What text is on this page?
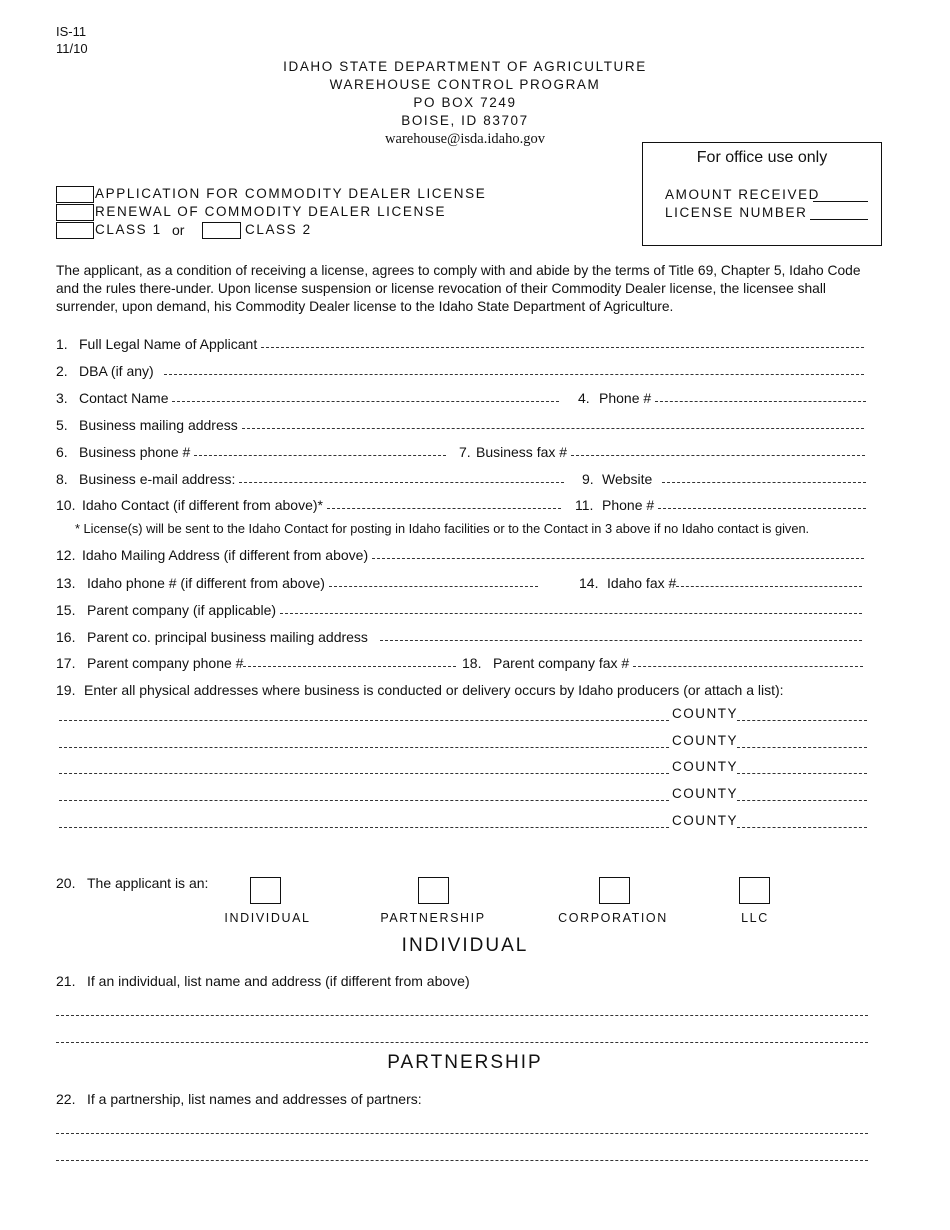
IS-11
11/10
IDAHO STATE DEPARTMENT OF AGRICULTURE
WAREHOUSE CONTROL PROGRAM
PO BOX 7249
BOISE, ID 83707
warehouse@isda.idaho.gov
APPLICATION FOR COMMODITY DEALER LICENSE
RENEWAL OF COMMODITY DEALER LICENSE
CLASS 1 or	CLASS 2
For office use only
AMOUNT RECEIVED
LICENSE NUMBER
The applicant, as a condition of receiving a license, agrees to comply with and abide by the terms of Title 69, Chapter 5, Idaho Code and the rules there-under. Upon license suspension or license revocation of their Commodity Dealer license, the licensee shall surrender, upon demand, his Commodity Dealer license to the Idaho State Department of Agriculture.
1. Full Legal Name of Applicant
2. DBA (if any)
3. Contact Name	4. Phone #
5. Business mailing address
6. Business phone #	7. Business fax #
8. Business e-mail address:	9. Website
10. Idaho Contact (if different from above)*	11. Phone #
* License(s) will be sent to the Idaho Contact for posting in Idaho facilities or to the Contact in 3 above if no Idaho contact is given.
12. Idaho Mailing Address (if different from above)
13. Idaho phone # (if different from above)	14. Idaho fax #
15. Parent company (if applicable)
16. Parent co. principal business mailing address
17. Parent company phone #	18. Parent company fax #
19. Enter all physical addresses where business is conducted or delivery occurs by Idaho producers (or attach a list):
COUNTY
COUNTY
COUNTY
COUNTY
COUNTY
20. The applicant is an:
INDIVIDUAL	PARTNERSHIP	CORPORATION	LLC
INDIVIDUAL
21. If an individual, list name and address (if different from above)
PARTNERSHIP
22. If a partnership, list names and addresses of partners:
